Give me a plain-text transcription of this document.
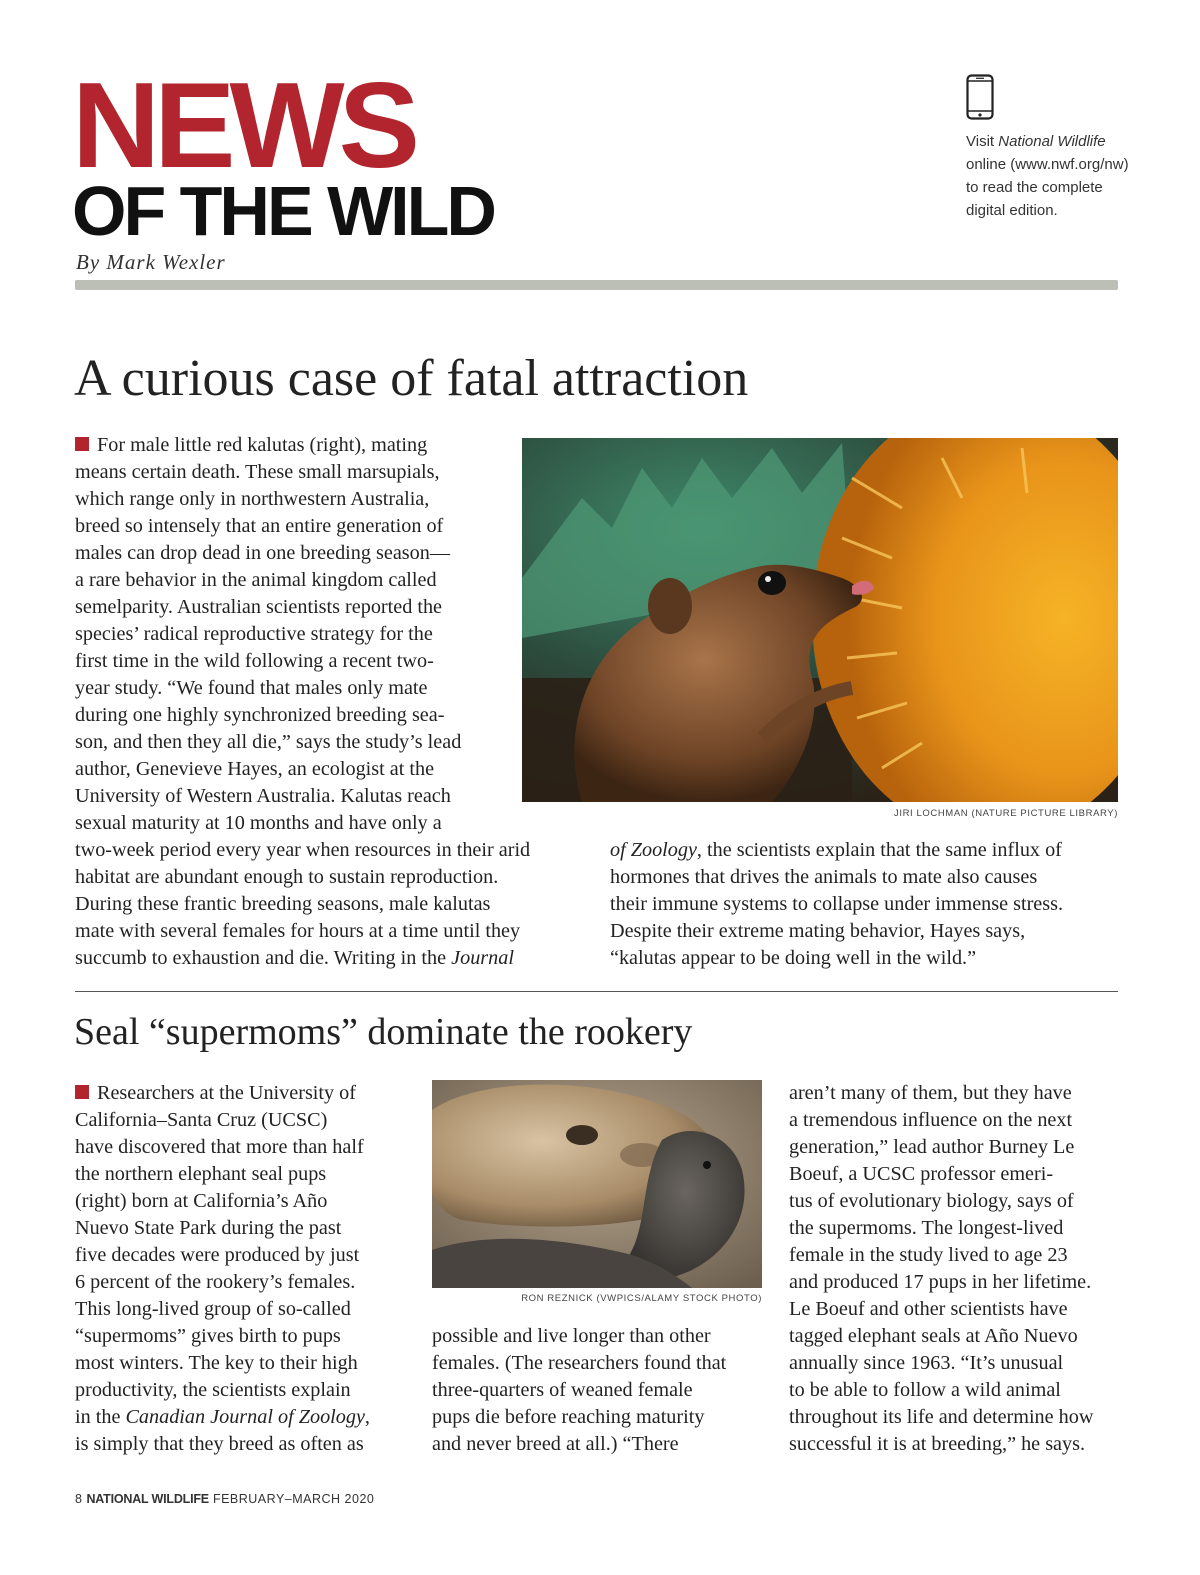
NEWS
OF THE WILD
By Mark Wexler
Visit National Wildlife online (www.nwf.org/nw) to read the complete digital edition.
A curious case of fatal attraction
For male little red kalutas (right), mating
means certain death. These small marsupials,
which range only in northwestern Australia,
breed so intensely that an entire generation of
males can drop dead in one breeding season—
a rare behavior in the animal kingdom called
semelparity. Australian scientists reported the
species’ radical reproductive strategy for the
first time in the wild following a recent two-
year study. “We found that males only mate
during one highly synchronized breeding sea-
son, and then they all die,” says the study’s lead
author, Genevieve Hayes, an ecologist at the
University of Western Australia. Kalutas reach
sexual maturity at 10 months and have only a	JIRI LOCHMAN (NATURE PICTURE LIBRARY)
two-week period every year when resources in their arid
habitat are abundant enough to sustain reproduction.
During these frantic breeding seasons, male kalutas
mate with several females for hours at a time until they
succumb to exhaustion and die. Writing in the Journal
of Zoology, the scientists explain that the same influx of
hormones that drives the animals to mate also causes
their immune systems to collapse under immense stress.
Despite their extreme mating behavior, Hayes says,
“kalutas appear to be doing well in the wild.”
Seal “supermoms” dominate the rookery
Researchers at the University of
California–Santa Cruz (UCSC)
have discovered that more than half
the northern elephant seal pups
(right) born at California’s Año
Nuevo State Park during the past
five decades were produced by just
6 percent of the rookery’s females.
This long-lived group of so-called
“supermoms” gives birth to pups
most winters. The key to their high
productivity, the scientists explain
in the Canadian Journal of Zoology,
is simply that they breed as often as
RON REZNICK (VWPICS/ALAMY STOCK PHOTO)
possible and live longer than other
females. (The researchers found that
three-quarters of weaned female
pups die before reaching maturity
and never breed at all.) “There
aren’t many of them, but they have
a tremendous influence on the next
generation,” lead author Burney Le
Boeuf, a UCSC professor emeri-
tus of evolutionary biology, says of
the supermoms. The longest-lived
female in the study lived to age 23
and produced 17 pups in her lifetime.
Le Boeuf and other scientists have
tagged elephant seals at Año Nuevo
annually since 1963. “It’s unusual
to be able to follow a wild animal
throughout its life and determine how
successful it is at breeding,” he says.
8 NATIONAL WILDLIFE FEBRUARY–MARCH 2020
